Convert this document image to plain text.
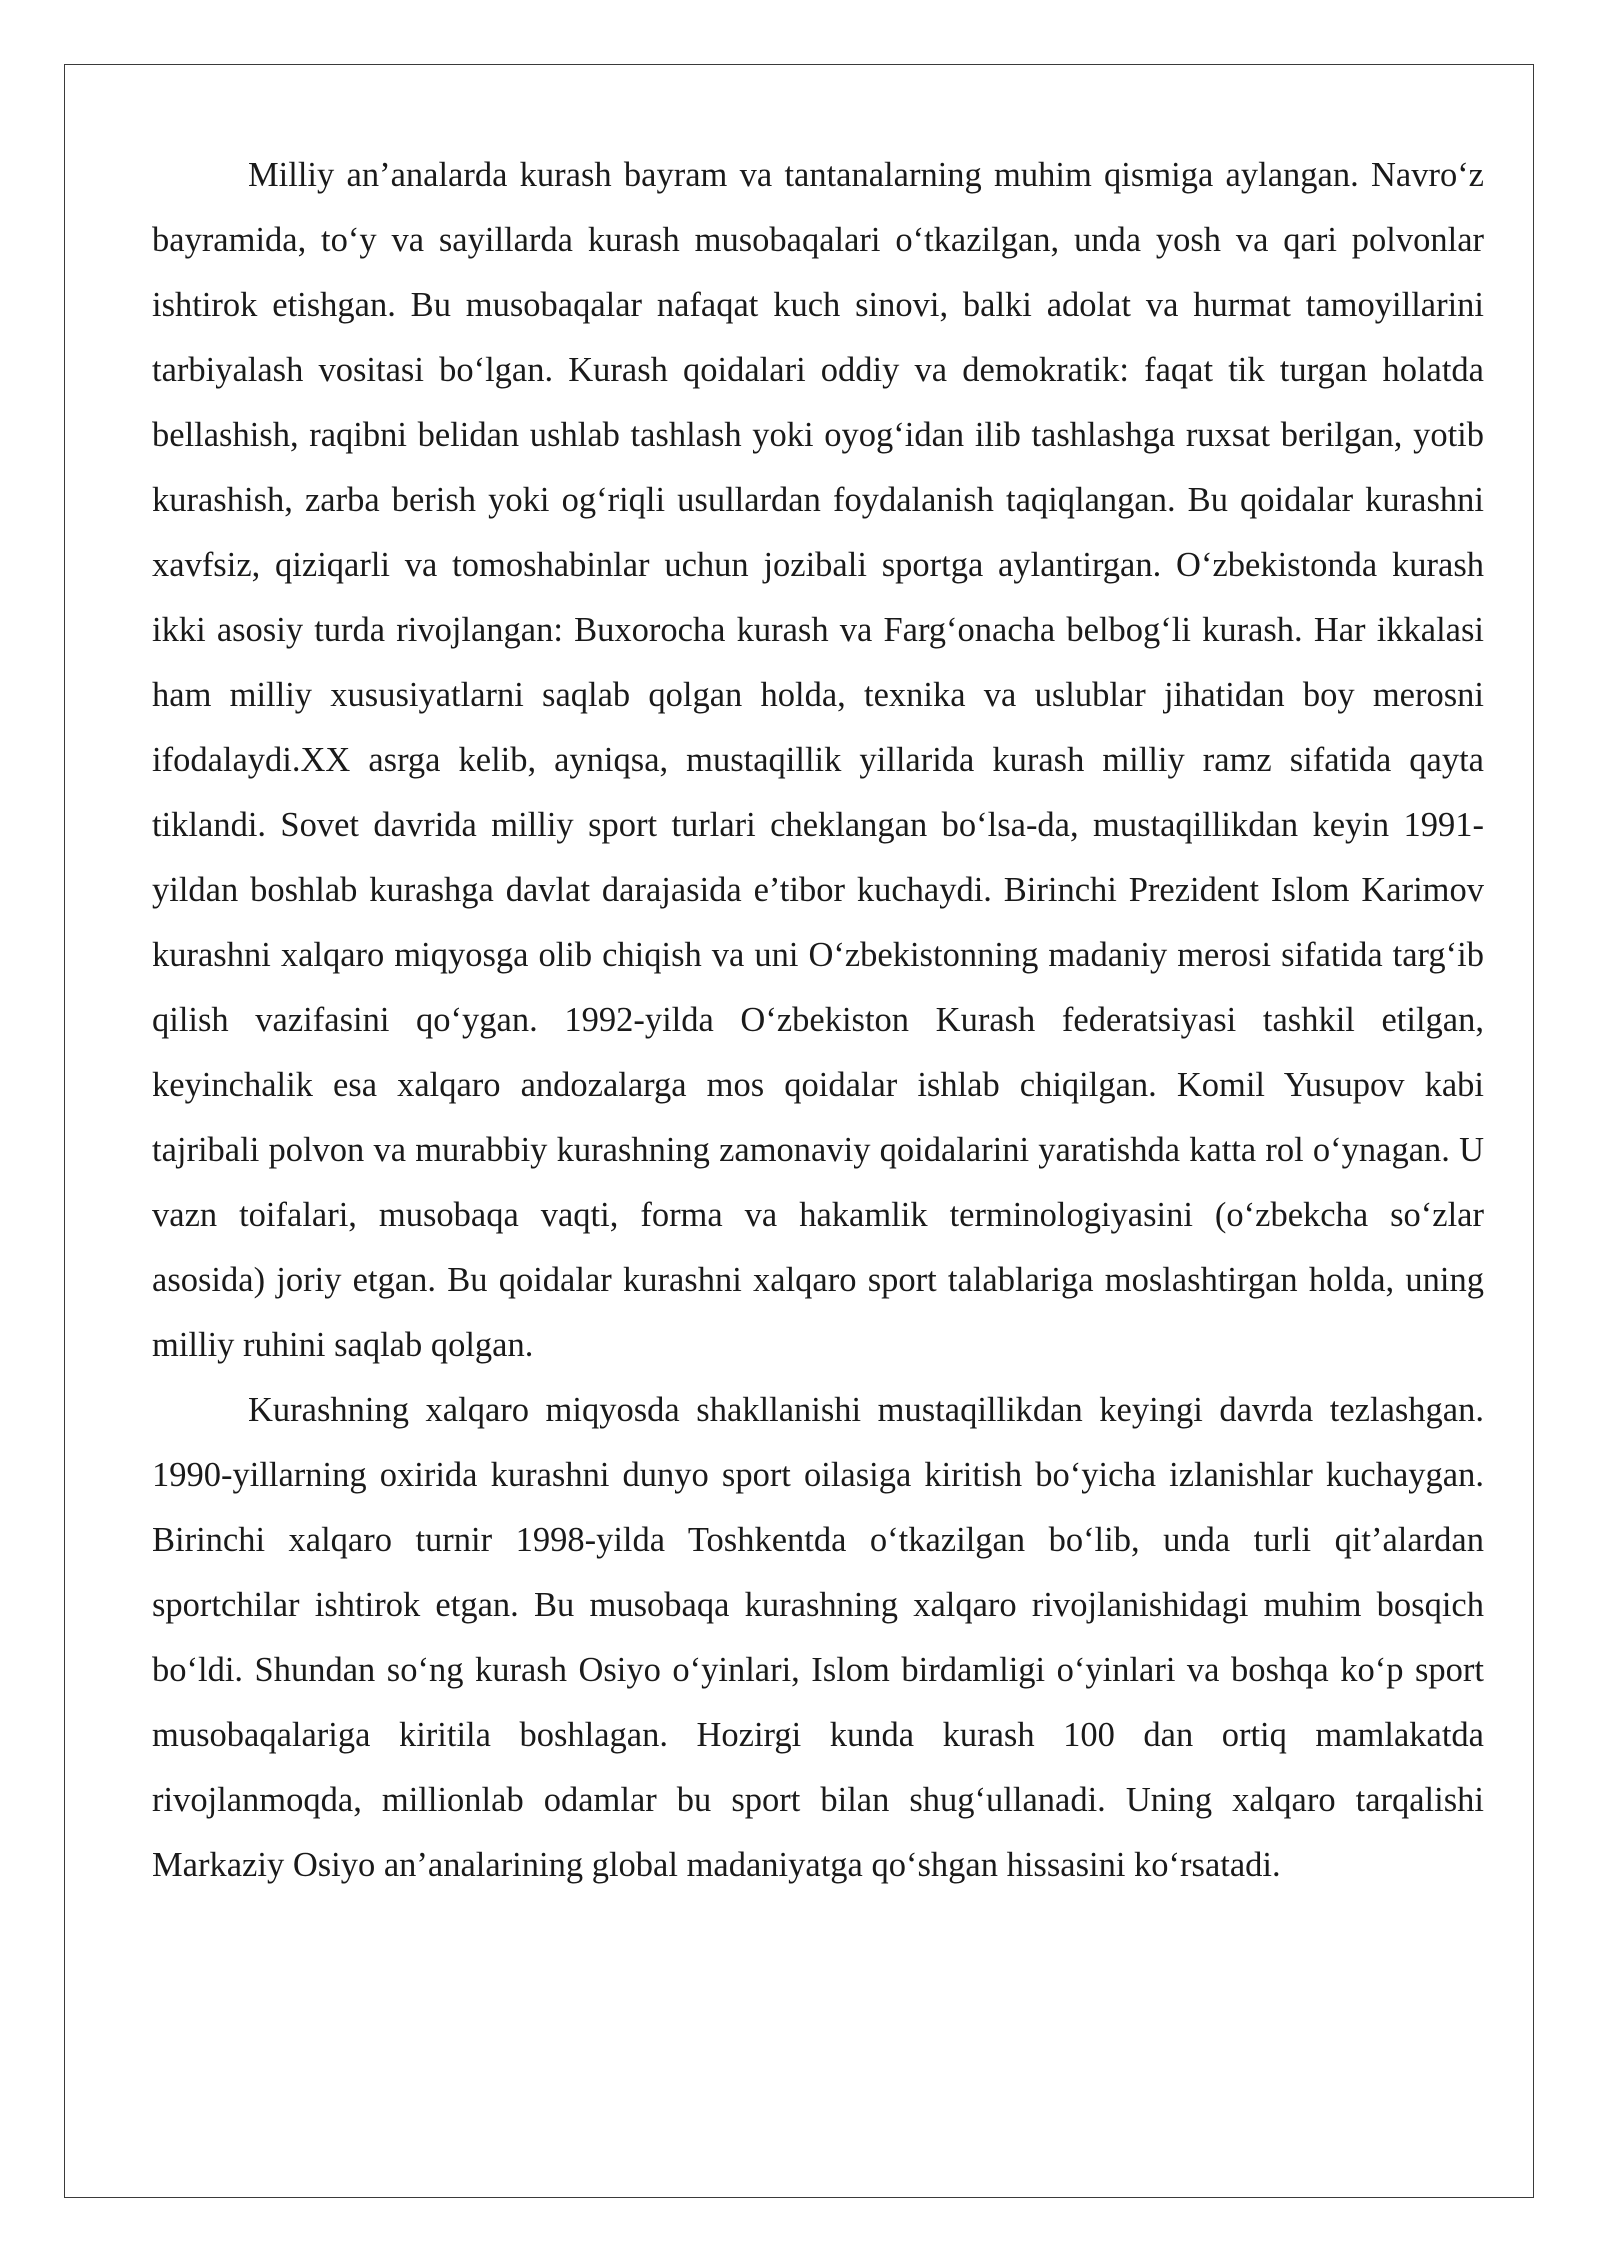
Milliy an’analarda kurash bayram va tantanalarning muhim qismiga aylangan. Navro‘z bayramida, to‘y va sayillarda kurash musobaqalari o‘tkazilgan, unda yosh va qari polvonlar ishtirok etishgan. Bu musobaqalar nafaqat kuch sinovi, balki adolat va hurmat tamoyillarini tarbiyalash vositasi bo‘lgan. Kurash qoidalari oddiy va demokratik: faqat tik turgan holatda bellashish, raqibni belidan ushlab tashlash yoki oyog‘idan ilib tashlashga ruxsat berilgan, yotib kurashish, zarba berish yoki og‘riqli usullardan foydalanish taqiqlangan. Bu qoidalar kurashni xavfsiz, qiziqarli va tomoshabinlar uchun jozibali sportga aylantirgan. O‘zbekistonda kurash ikki asosiy turda rivojlangan: Buxorocha kurash va Farg‘onacha belbog‘li kurash. Har ikkalasi ham milliy xususiyatlarni saqlab qolgan holda, texnika va uslublar jihatidan boy merosni ifodalaydi.XX asrga kelib, ayniqsa, mustaqillik yillarida kurash milliy ramz sifatida qayta tiklandi. Sovet davrida milliy sport turlari cheklangan bo‘lsa-da, mustaqillikdan keyin 1991-yildan boshlab kurashga davlat darajasida e’tibor kuchaydi. Birinchi Prezident Islom Karimov kurashni xalqaro miqyosga olib chiqish va uni O‘zbekistonning madaniy merosi sifatida targ‘ib qilish vazifasini qo‘ygan. 1992-yilda O‘zbekiston Kurash federatsiyasi tashkil etilgan, keyinchalik esa xalqaro andozalarga mos qoidalar ishlab chiqilgan. Komil Yusupov kabi tajribali polvon va murabbiy kurashning zamonaviy qoidalarini yaratishda katta rol o‘ynagan. U vazn toifalari, musobaqa vaqti, forma va hakamlik terminologiyasini (o‘zbekcha so‘zlar asosida) joriy etgan. Bu qoidalar kurashni xalqaro sport talablariga moslashtirgan holda, uning milliy ruhini saqlab qolgan.

Kurashning xalqaro miqyosda shakllanishi mustaqillikdan keyingi davrda tezlashgan. 1990-yillarning oxirida kurashni dunyo sport oilasiga kiritish bo‘yicha izlanishlar kuchaygan. Birinchi xalqaro turnir 1998-yilda Toshkentda o‘tkazilgan bo‘lib, unda turli qit’alardan sportchilar ishtirok etgan. Bu musobaqa kurashning xalqaro rivojlanishidagi muhim bosqich bo‘ldi. Shundan so‘ng kurash Osiyo o‘yinlari, Islom birdamligi o‘yinlari va boshqa ko‘p sport musobaqalariga kiritila boshlagan. Hozirgi kunda kurash 100 dan ortiq mamlakatda rivojlanmoqda, millionlab odamlar bu sport bilan shug‘ullanadi. Uning xalqaro tarqalishi Markaziy Osiyo an’analarining global madaniyatga qo‘shgan hissasini ko‘rsatadi.
